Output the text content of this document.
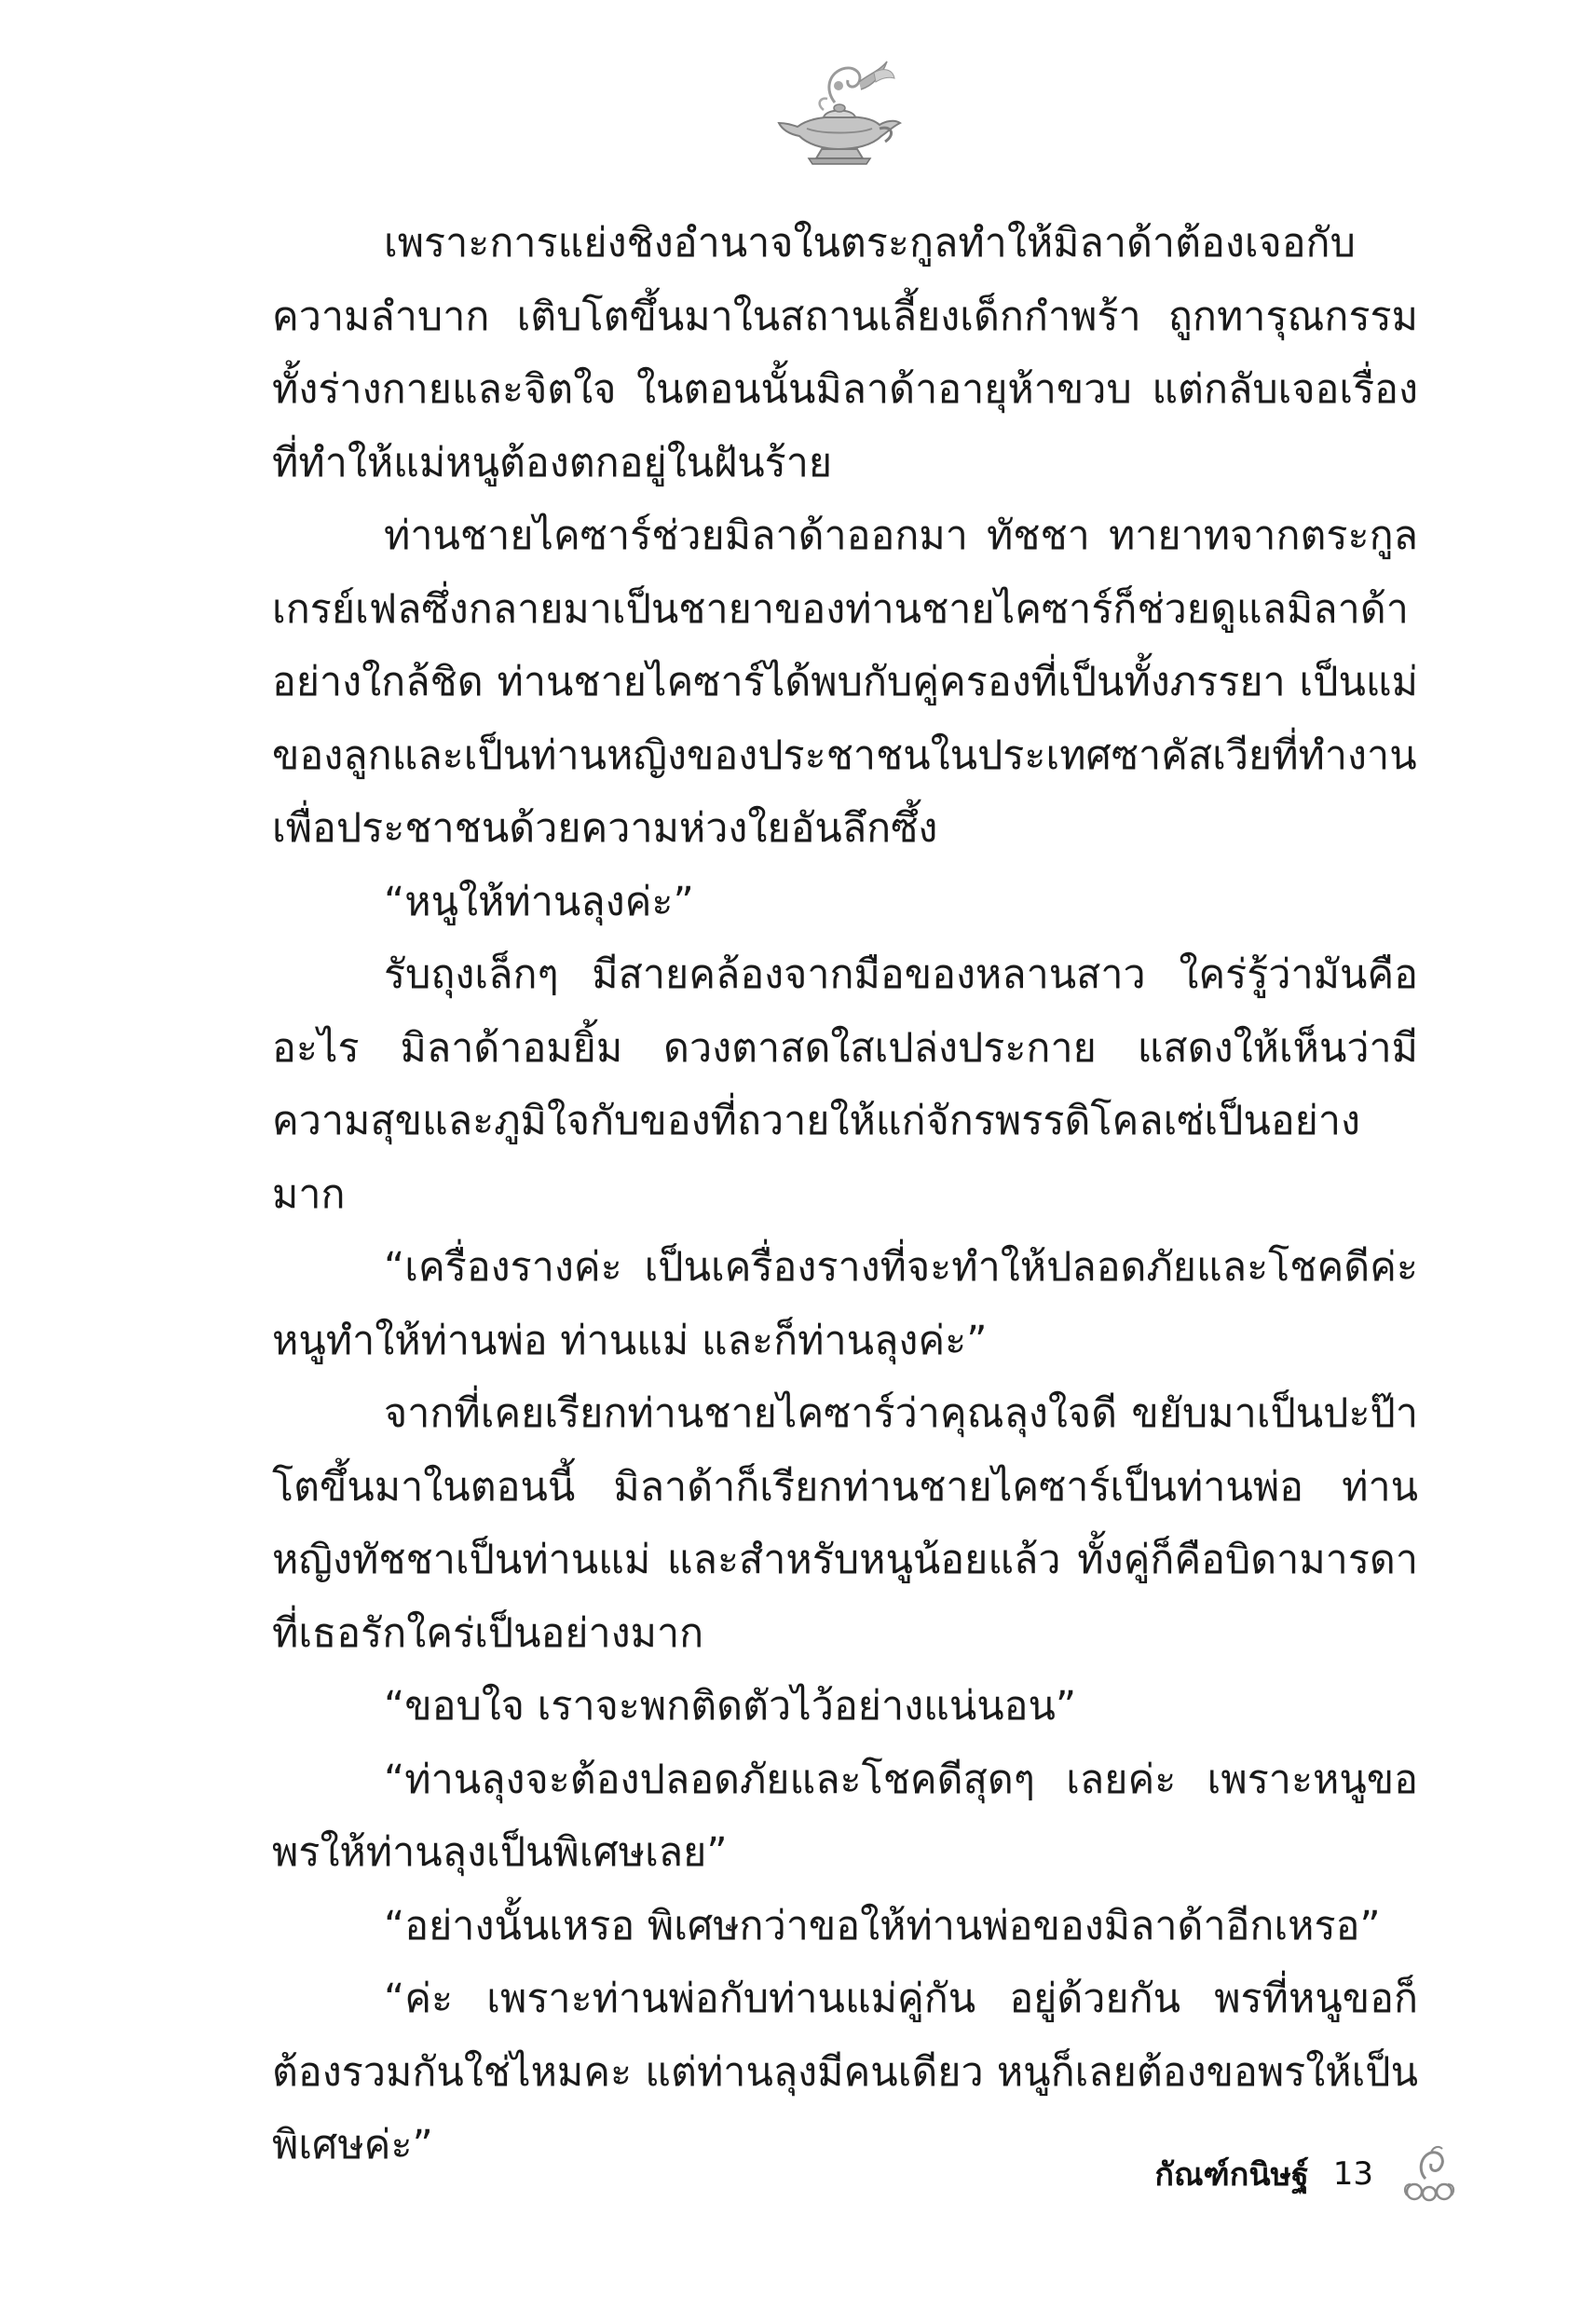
เพราะการแย่งชิงอำนาจในตระกูลทำให้มิลาด้าต้องเจอกับความลำบาก เติบโตขึ้นมาในสถานเลี้ยงเด็กกำพร้า ถูกทารุณกรรมทั้งร่างกายและจิตใจ ในตอนนั้นมิลาด้าอายุห้าขวบ แต่กลับเจอเรื่องที่ทำให้แม่หนูต้องตกอยู่ในฝันร้าย

ท่านชายไคซาร์ช่วยมิลาด้าออกมา ทัชชา ทายาทจากตระกูลเกรย์เฟลซึ่งกลายมาเป็นชายาของท่านชายไคซาร์ก็ช่วยดูแลมิลาด้าอย่างใกล้ชิด ท่านชายไคซาร์ได้พบกับคู่ครองที่เป็นทั้งภรรยา เป็นแม่ของลูกและเป็นท่านหญิงของประชาชนในประเทศซาคัสเวียที่ทำงานเพื่อประชาชนด้วยความห่วงใยอันลึกซึ้ง

“หนูให้ท่านลุงค่ะ”

รับถุงเล็กๆ มีสายคล้องจากมือของหลานสาว ใคร่รู้ว่ามันคืออะไร มิลาด้าอมยิ้ม ดวงตาสดใสเปล่งประกาย แสดงให้เห็นว่ามีความสุขและภูมิใจกับของที่ถวายให้แก่จักรพรรดิโคลเซ่เป็นอย่างมาก

“เครื่องรางค่ะ เป็นเครื่องรางที่จะทำให้ปลอดภัยและโชคดีค่ะ หนูทำให้ท่านพ่อ ท่านแม่ และก็ท่านลุงค่ะ”

จากที่เคยเรียกท่านชายไคซาร์ว่าคุณลุงใจดี ขยับมาเป็นปะป๊า โตขึ้นมาในตอนนี้ มิลาด้าก็เรียกท่านชายไคซาร์เป็นท่านพ่อ ท่านหญิงทัชชาเป็นท่านแม่ และสำหรับหนูน้อยแล้ว ทั้งคู่ก็คือบิดามารดาที่เธอรักใคร่เป็นอย่างมาก

“ขอบใจ เราจะพกติดตัวไว้อย่างแน่นอน”

“ท่านลุงจะต้องปลอดภัยและโชคดีสุดๆ เลยค่ะ เพราะหนูขอพรให้ท่านลุงเป็นพิเศษเลย”

“อย่างนั้นเหรอ พิเศษกว่าขอให้ท่านพ่อของมิลาด้าอีกเหรอ”

“ค่ะ เพราะท่านพ่อกับท่านแม่คู่กัน อยู่ด้วยกัน พรที่หนูขอก็ต้องรวมกันใช่ไหมคะ แต่ท่านลุงมีคนเดียว หนูก็เลยต้องขอพรให้เป็นพิเศษค่ะ”

กัณฑ์กนิษฐ์ 13
